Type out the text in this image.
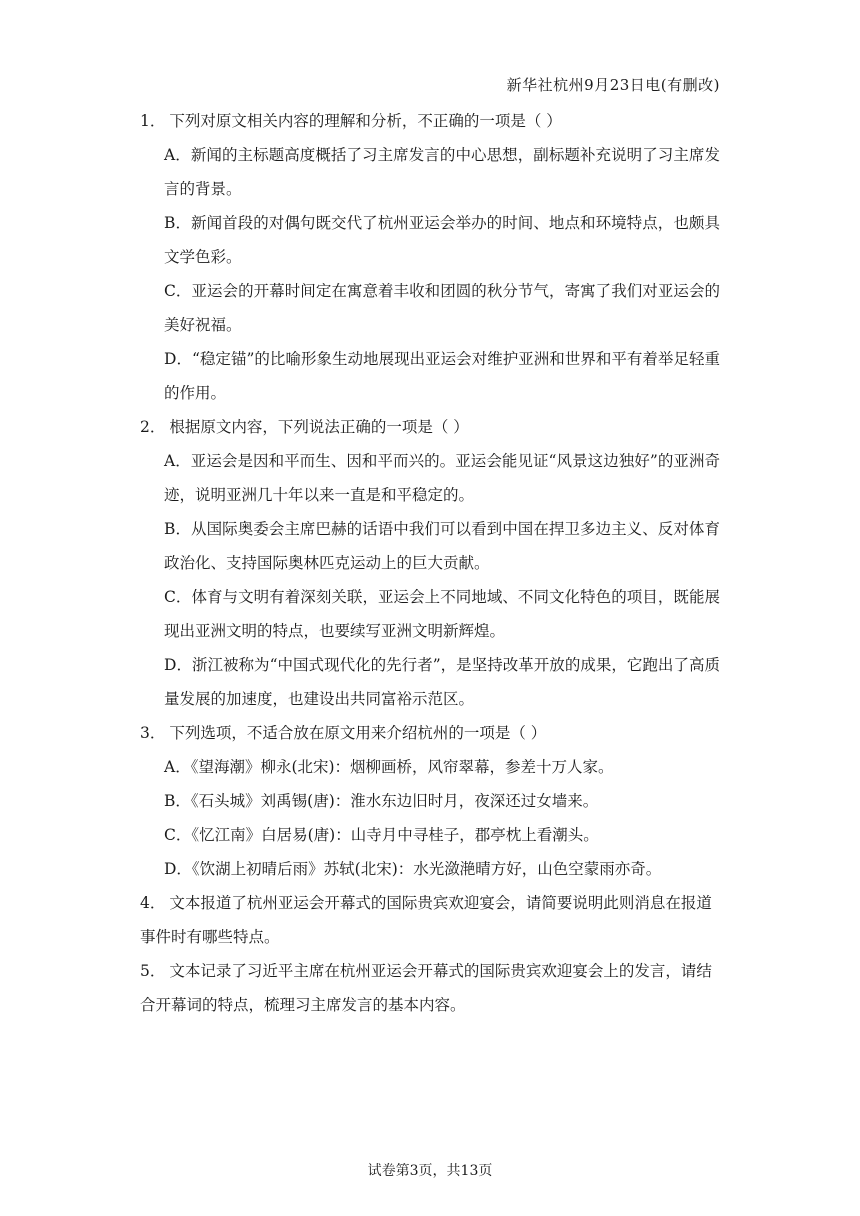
新华社杭州9月23日电(有删改)

1． 下列对原文相关内容的理解和分析，不正确的一项是（ ）

A．新闻的主标题高度概括了习主席发言的中心思想，副标题补充说明了习主席发言的背景。

B．新闻首段的对偶句既交代了杭州亚运会举办的时间、地点和环境特点，也颇具文学色彩。

C．亚运会的开幕时间定在寓意着丰收和团圆的秋分节气，寄寓了我们对亚运会的美好祝福。

D．“稳定锚”的比喻形象生动地展现出亚运会对维护亚洲和世界和平有着举足轻重的作用。

2． 根据原文内容，下列说法正确的一项是（ ）

A．亚运会是因和平而生、因和平而兴的。亚运会能见证“风景这边独好”的亚洲奇迹，说明亚洲几十年以来一直是和平稳定的。

B．从国际奥委会主席巴赫的话语中我们可以看到中国在捍卫多边主义、反对体育政治化、支持国际奥林匹克运动上的巨大贡献。

C．体育与文明有着深刻关联，亚运会上不同地域、不同文化特色的项目，既能展现出亚洲文明的特点，也要续写亚洲文明新辉煌。

D．浙江被称为“中国式现代化的先行者”，是坚持改革开放的成果，它跑出了高质量发展的加速度，也建设出共同富裕示范区。

3． 下列选项，不适合放在原文用来介绍杭州的一项是（ ）

A．《望海潮》柳永(北宋)：烟柳画桥，风帘翠幕，参差十万人家。

B．《石头城》刘禹锡(唐)：淮水东边旧时月，夜深还过女墙来。

C．《忆江南》白居易(唐)：山寺月中寻桂子，郡亭枕上看潮头。

D．《饮湖上初晴后雨》苏轼(北宋)：水光潋滟晴方好，山色空蒙雨亦奇。

4． 文本报道了杭州亚运会开幕式的国际贵宾欢迎宴会，请简要说明此则消息在报道事件时有哪些特点。

5． 文本记录了习近平主席在杭州亚运会开幕式的国际贵宾欢迎宴会上的发言，请结合开幕词的特点，梳理习主席发言的基本内容。

试卷第3页，共13页
